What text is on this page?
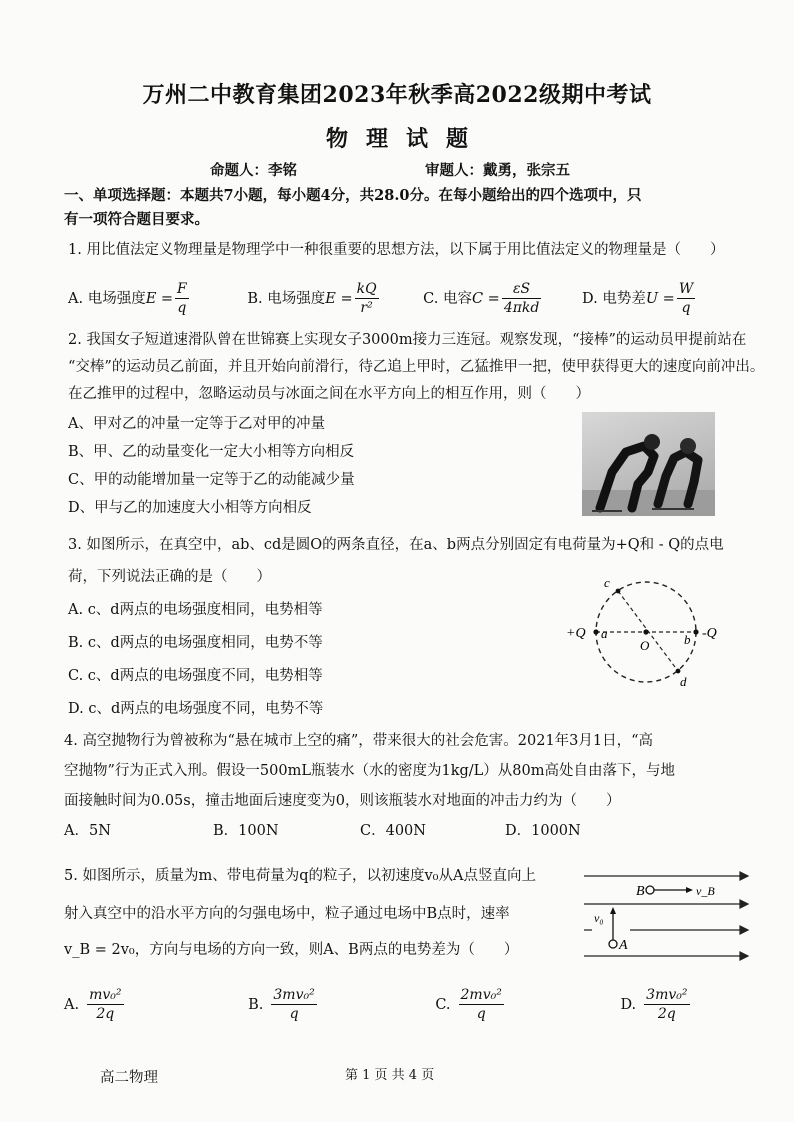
万州二中教育集团2023年秋季高2022级期中考试
物理试题
命题人：李铭	审题人：戴勇，张宗五
一、单项选择题：本题共7小题，每小题4分，共28.0分。在每小题给出的四个选项中，只
有一项符合题目要求。
1. 用比值法定义物理量是物理学中一种很重要的思想方法，以下属于用比值法定义的物理量是（　　）
A. 电场强度 $E = \frac{F}{q}$
	B. 电场强度 $E = \frac{kQ}{\text{r²}}$
	C. 电容 $C = \frac{\varepsilon S}{\text{4πkd}}$
	D. 电势差 $U = \frac{W}{q}$
2. 我国女子短道速滑队曾在世锦赛上实现女子3000m接力三连冠。观察发现，“接棒”的运动员甲提前站在
“交棒”的运动员乙前面，并且开始向前滑行，待乙追上甲时，乙猛推甲一把，使甲获得更大的速度向前冲出。
在乙推甲的过程中，忽略运动员与冰面之间在水平方向上的相互作用，则（　　）
A、甲对乙的冲量一定等于乙对甲的冲量
B、甲、乙的动量变化一定大小相等方向相反
C、甲的动能增加量一定等于乙的动能减少量
D、甲与乙的加速度大小相等方向相反
3. 如图所示，在真空中，ab、cd是圆O的两条直径，在a、b两点分别固定有电荷量为+Q和 - Q的点电
荷，下列说法正确的是（　　）
A. c、d两点的电场强度相同，电势相等
B. c、d两点的电场强度相同，电势不等
C. c、d两点的电场强度不同，电势相等
D. c、d两点的电场强度不同，电势不等
+Q a	b -Q
O
c
d
4. 高空抛物行为曾被称为“悬在城市上空的痛”，带来很大的社会危害。2021年3月1日，“高
空抛物”行为正式入刑。假设一500mL瓶装水（水的密度为1kg/L）从80m高处自由落下，与地
面接触时间为0.05s，撞击地面后速度变为0，则该瓶装水对地面的冲击力约为（　　）
A．5N	B．100N	C．400N	D．1000N
5. 如图所示，质量为m、带电荷量为q的粒子，以初速度v₀从A点竖直向上
射入真空中的沿水平方向的匀强电场中，粒子通过电场中B点时，速率
v_B = 2v₀，方向与电场的方向一致，则A、B两点的电势差为（　　）
B	v_B
v₀
A
A. $\frac{\text{mv₀²}}{2q}$
	B. $\frac{\text{3mv₀²}}{q}$
	C. $\frac{\text{2mv₀²}}{q}$
	D. $\frac{\text{3mv₀²}}{2q}$
高二物理	第 1 页 共 4 页
